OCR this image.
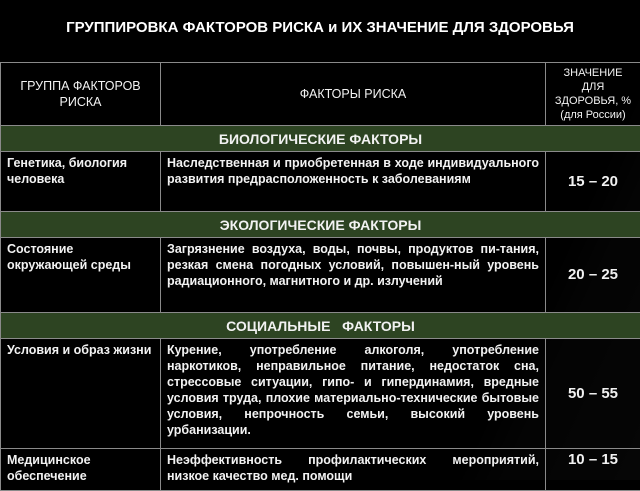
ГРУППИРОВКА ФАКТОРОВ РИСКА и ИХ ЗНАЧЕНИЕ ДЛЯ ЗДОРОВЬЯ
ГРУППА ФАКТОРОВ РИСКА	ФАКТОРЫ РИСКА	ЗНАЧЕНИЕ ДЛЯ ЗДОРОВЬЯ, % (для России)
БИОЛОГИЧЕСКИЕ ФАКТОРЫ		
Генетика, биология человека	Наследственная и приобретенная в ходе индивидуального развития предрасположенность к заболеваниям	15 – 20
ЭКОЛОГИЧЕСКИЕ ФАКТОРЫ		
Состояние окружающей среды	Загрязнение воздуха, воды, почвы, продуктов пи-тания, резкая смена погодных условий, повышен-ный уровень радиационного, магнитного и др. излучений	20 – 25
СОЦИАЛЬНЫЕ   ФАКТОРЫ		
Условия и образ жизни	Курение, употребление алкоголя, употребление наркотиков, неправильное питание, недостаток сна, стрессовые ситуации, гипо- и гипердинамия, вредные условия труда, плохие материально-технические бытовые условия, непрочность семьи, высокий уровень урбанизации.	50 – 55
Медицинское обеспечение	Неэффективность профилактических мероприятий, низкое качество мед. помощи	10 – 15
